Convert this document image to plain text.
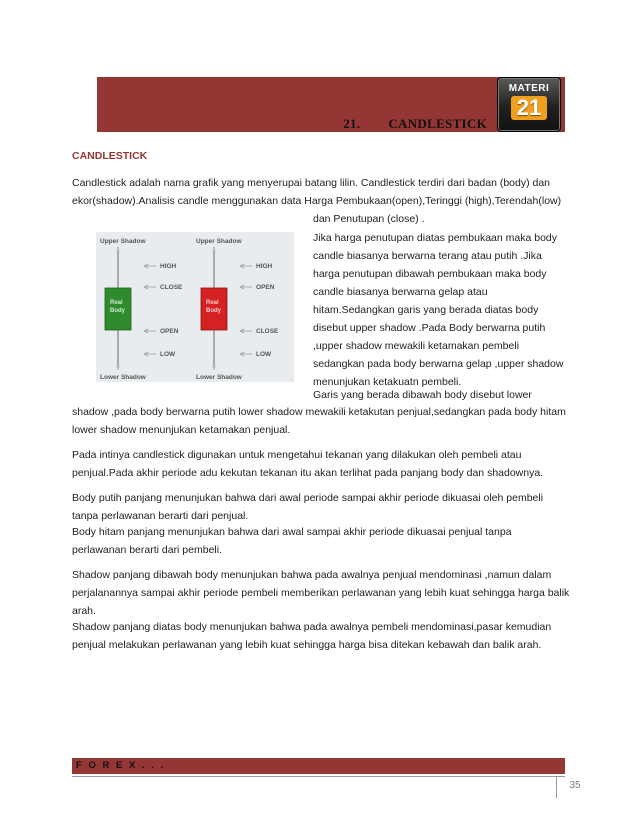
21. CANDLESTICK
MATERI
21
CANDLESTICK

Candlestick adalah nama grafik yang menyerupai batang lilin. Candlestick terdiri dari badan (body) dan ekor(shadow).Analisis candle menggunakan data Harga Pembukaan(open),Teringgi (high),Terendah(low)

dan Penutupan (close) .

Upper Shadow
HIGH
CLOSE
Real
Body
OPEN
LOW
Lower Shadow
Upper Shadow
HIGH
OPEN
Real
Body
CLOSE
LOW
Lower Shadow

Jika harga penutupan diatas pembukaan maka body candle biasanya berwarna terang atau putih .Jika harga penutupan dibawah pembukaan maka body candle biasanya berwarna gelap atau hitam.Sedangkan garis yang berada diatas body disebut upper shadow .Pada Body berwarna putih ,upper shadow mewakili ketamakan pembeli sedangkan pada body berwarna gelap ,upper shadow menunjukan ketakuatn pembeli.

Garis yang berada dibawah body disebut lower

shadow ,pada body berwarna putih lower shadow mewakili ketakutan penjual,sedangkan pada body hitam lower shadow menunjukan ketamakan penjual.

Pada intinya candlestick digunakan untuk mengetahui tekanan yang dilakukan oleh pembeli atau penjual.Pada akhir periode adu kekutan tekanan itu akan terlihat pada panjang body dan shadownya.

Body putih panjang menunjukan bahwa dari awal periode sampai akhir periode dikuasai oleh pembeli tanpa perlawanan berarti dari penjual.

Body hitam panjang menunjukan bahwa dari awal sampai akhir periode dikuasai penjual tanpa perlawanan berarti dari pembeli.

Shadow panjang dibawah body menunjukan bahwa pada awalnya penjual mendominasi ,namun dalam perjalanannya sampai akhir periode pembeli memberikan perlawanan yang lebih kuat sehingga harga balik arah.

Shadow panjang diatas body menunjukan bahwa pada awalnya pembeli mendominasi,pasar kemudian penjual melakukan perlawanan yang lebih kuat sehingga harga bisa ditekan kebawah dan balik arah.

F O R E X . . .
35
